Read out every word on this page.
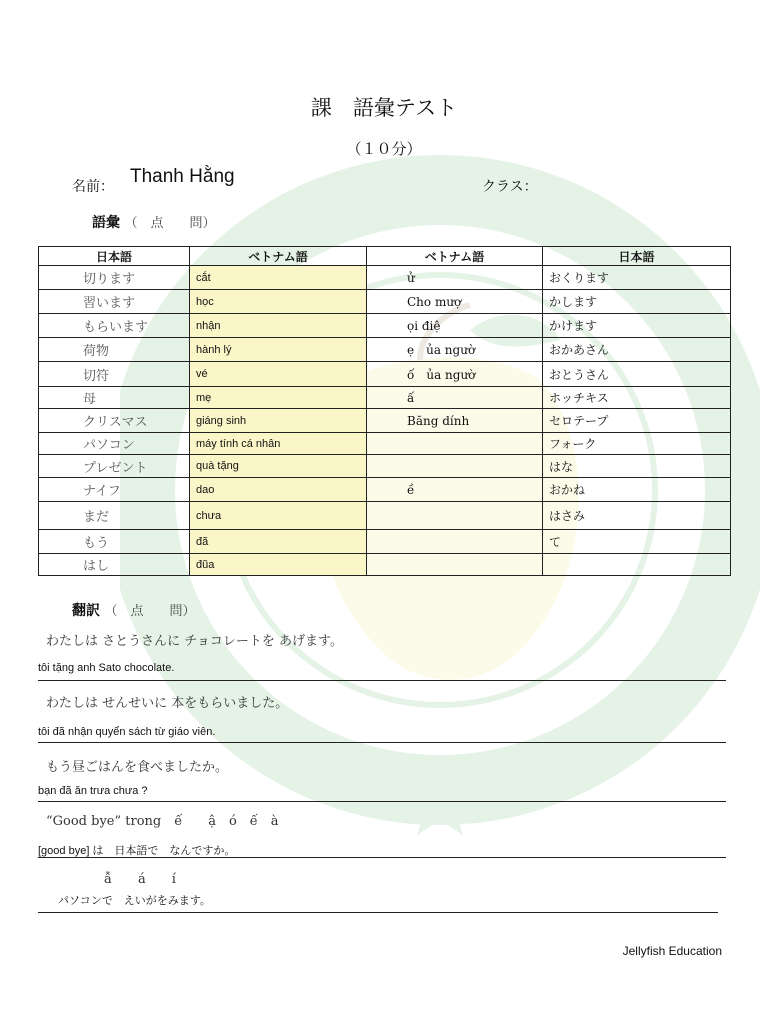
課　語彙テスト
（１０分）
名前： Thanh Hằng	クラス：
語彙 （　点　　問）
日本語	ベトナム語	ベトナム語	日本語
切ります	cắt	ử	おくります
習います	học	Cho mượ	かします
もらいます	nhận	ọi điệ	かけます
荷物	hành lý	ẹ　ủa ngườ	おかあさん
切符	vé	ố　ủa ngườ	おとうさん
母	mẹ	ấ	ホッチキス
クリスマス	giáng sinh	Băng dính	セロテープ
パソコン	máy tính cá nhân		フォーク
プレゼント	quà tặng		はな
ナイフ	dao	ề	おかね
まだ	chưa		はさみ
もう	đã		て
はし	đũa		
翻訳 （　点　　問）
わたしは さとうさんに チョコレートを あげます。
tôi tặng anh Sato chocolate.
わたしは せんせいに 本をもらいました。
tôi đã nhận quyển sách từ giáo viên.
もう昼ごはんを食べましたか。
bạn đã ăn trưa chưa ?
“Good bye” trong　ế　　ậ　ó　ế　à
[good bye] は　日本語で　なんですか。
ẫ　　á　　í
パソコンで　えいがをみます。
Jellyfish Education
